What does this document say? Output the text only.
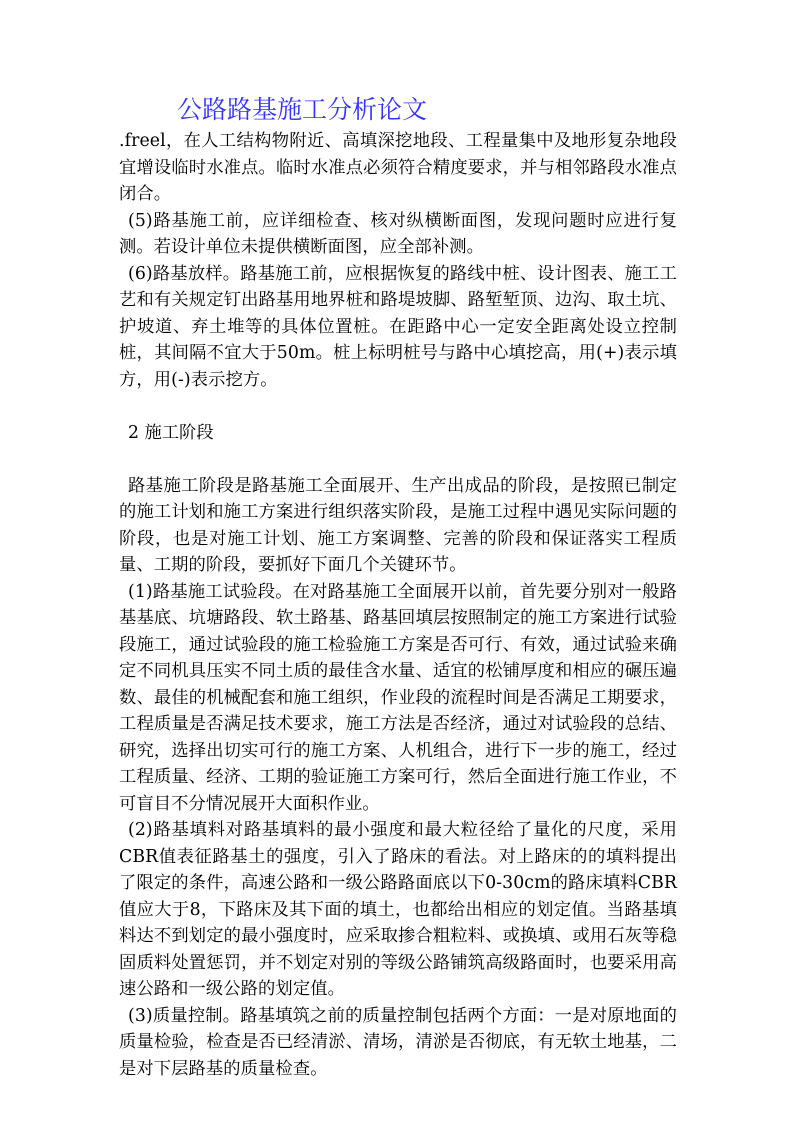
公路路基施工分析论文

.freel，在人工结构物附近、高填深挖地段、工程量集中及地形复杂地段宜增设临时水准点。临时水准点必须符合精度要求，并与相邻路段水准点闭合。

(5)路基施工前，应详细检查、核对纵横断面图，发现问题时应进行复测。若设计单位未提供横断面图，应全部补测。

(6)路基放样。路基施工前，应根据恢复的路线中桩、设计图表、施工工艺和有关规定钉出路基用地界桩和路堤坡脚、路堑堑顶、边沟、取土坑、护坡道、弃土堆等的具体位置桩。在距路中心一定安全距离处设立控制桩，其间隔不宜大于50m。桩上标明桩号与路中心填挖高，用(+)表示填方，用(-)表示挖方。

2 施工阶段

路基施工阶段是路基施工全面展开、生产出成品的阶段，是按照已制定的施工计划和施工方案进行组织落实阶段，是施工过程中遇见实际问题的阶段，也是对施工计划、施工方案调整、完善的阶段和保证落实工程质量、工期的阶段，要抓好下面几个关键环节。

(1)路基施工试验段。在对路基施工全面展开以前，首先要分别对一般路基基底、坑塘路段、软土路基、路基回填层按照制定的施工方案进行试验段施工，通过试验段的施工检验施工方案是否可行、有效，通过试验来确定不同机具压实不同土质的最佳含水量、适宜的松铺厚度和相应的碾压遍数、最佳的机械配套和施工组织，作业段的流程时间是否满足工期要求，工程质量是否满足技术要求，施工方法是否经济，通过对试验段的总结、研究，选择出切实可行的施工方案、人机组合，进行下一步的施工，经过工程质量、经济、工期的验证施工方案可行，然后全面进行施工作业，不可盲目不分情况展开大面积作业。

(2)路基填料对路基填料的最小强度和最大粒径给了量化的尺度，采用CBR值表征路基土的强度，引入了路床的看法。对上路床的的填料提出了限定的条件，高速公路和一级公路路面底以下0-30cm的路床填料CBR值应大于8，下路床及其下面的填土，也都给出相应的划定值。当路基填料达不到划定的最小强度时，应采取掺合粗粒料、或换填、或用石灰等稳固质料处置惩罚，并不划定对别的等级公路铺筑高级路面时，也要采用高速公路和一级公路的划定值。

(3)质量控制。路基填筑之前的质量控制包括两个方面：一是对原地面的质量检验，检查是否已经清淤、清场，清淤是否彻底，有无软土地基，二是对下层路基的质量检查。
